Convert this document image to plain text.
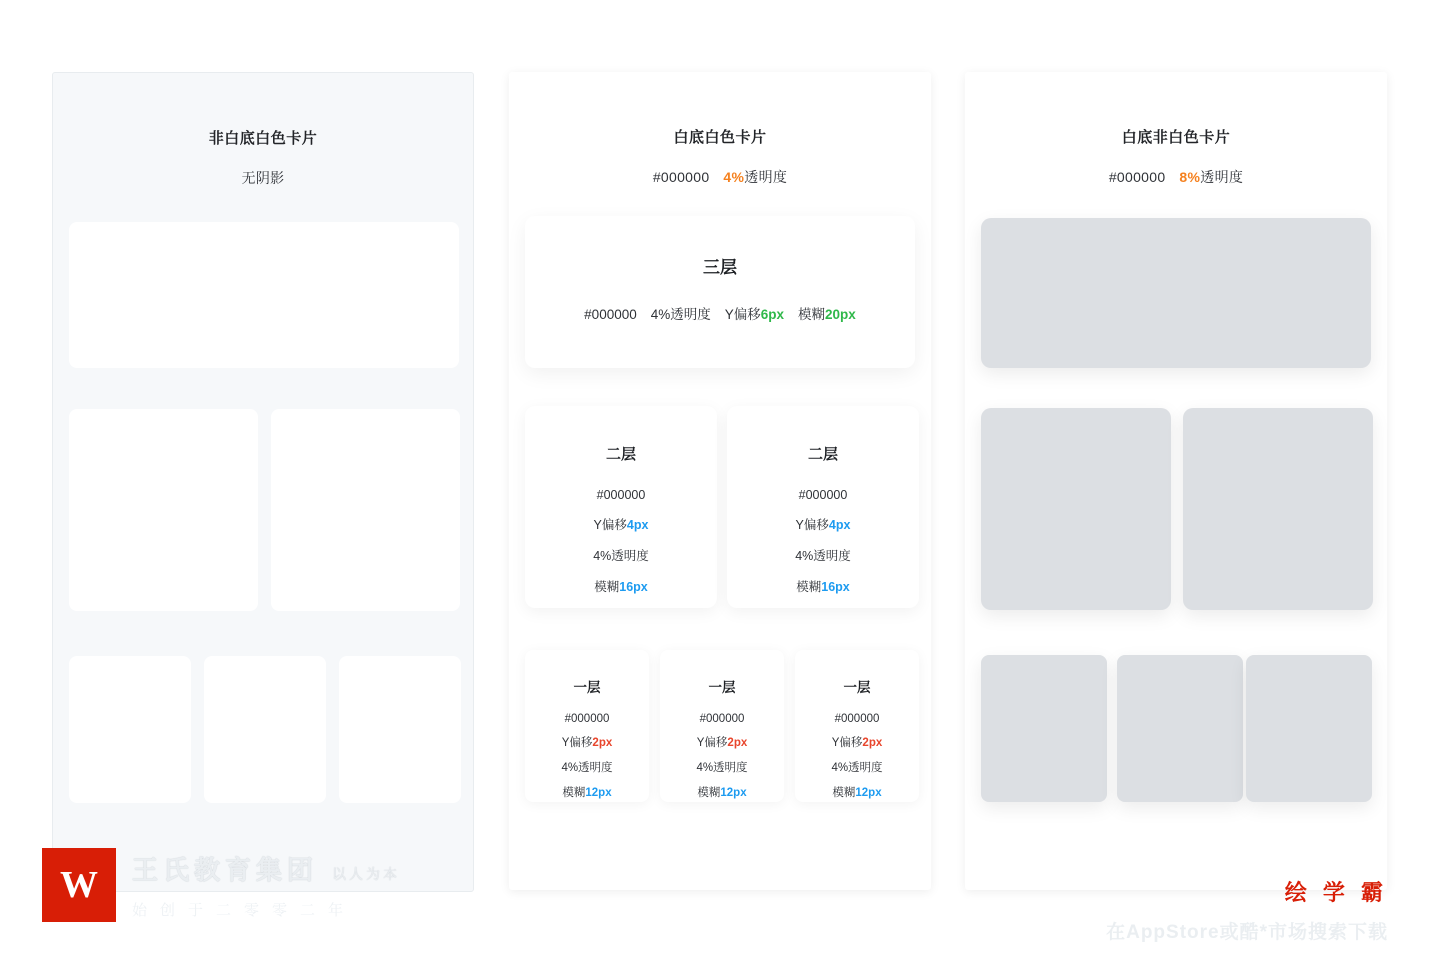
非白底白色卡片
无阴影
白底白色卡片
#000000 4%透明度
三层
#000000 4%透明度 Y偏移6px 模糊20px
二层
#000000
Y偏移4px
4%透明度
模糊16px
二层
#000000
Y偏移4px
4%透明度
模糊16px
一层
#000000
Y偏移2px
4%透明度
模糊12px
一层
#000000
Y偏移2px
4%透明度
模糊12px
一层
#000000
Y偏移2px
4%透明度
模糊12px
白底非白色卡片
#000000 8%透明度
W 王氏教育集团 以人为本
始创于二零零二年
绘 学 霸
在AppStore或酷*市场搜索下载
